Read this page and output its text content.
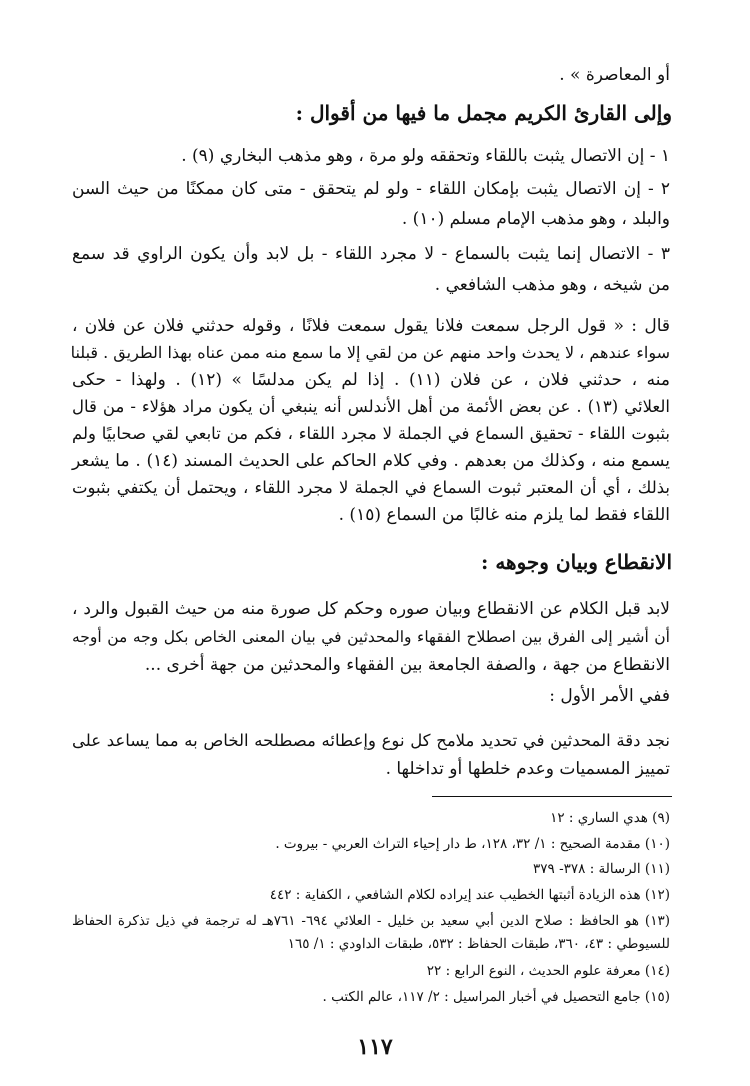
أو المعاصرة » .
وإلى القارئ الكريم مجمل ما فيها من أقوال :
١ - إن الاتصال يثبت باللقاء وتحققه ولو مرة ، وهو مذهب البخاري (٩) .
٢ - إن الاتصال يثبت بإمكان اللقاء - ولو لم يتحقق - متى كان ممكنًا من حيث السن
والبلد ، وهو مذهب الإمام مسلم (١٠) .
٣ - الاتصال إنما يثبت بالسماع - لا مجرد اللقاء - بل لابد وأن يكون الراوي قد سمع
من شيخه ، وهو مذهب الشافعي .
قال : « قول الرجل سمعت فلانا يقول سمعت فلانًا ، وقوله حدثني فلان عن فلان ،
سواء عندهم ، لا يحدث واحد منهم عن من لقي إلا ما سمع منه ممن عناه بهذا الطريق . قبلنا
منه ، حدثني فلان ، عن فلان (١١) . إذا لم يكن مدلسًا » (١٢) . ولهذا - حكى
العلائي (١٣) . عن بعض الأئمة من أهل الأندلس أنه ينبغي أن يكون مراد هؤلاء - من قال
بثبوت اللقاء - تحقيق السماع في الجملة لا مجرد اللقاء ، فكم من تابعي لقي صحابيًا ولم
يسمع منه ، وكذلك من بعدهم . وفي كلام الحاكم على الحديث المسند (١٤) . ما يشعر
بذلك ، أي أن المعتبر ثبوت السماع في الجملة لا مجرد اللقاء ، ويحتمل أن يكتفي بثبوت
اللقاء فقط لما يلزم منه غالبًا من السماع (١٥) .
الانقطاع وبيان وجوهه :
لابد قبل الكلام عن الانقطاع وبيان صوره وحكم كل صورة منه من حيث القبول والرد ،
أن أشير إلى الفرق بين اصطلاح الفقهاء والمحدثين في بيان المعنى الخاص بكل وجه من أوجه
الانقطاع من جهة ، والصفة الجامعة بين الفقهاء والمحدثين من جهة أخرى ...
ففي الأمر الأول :
نجد دقة المحدثين في تحديد ملامح كل نوع وإعطائه مصطلحه الخاص به مما يساعد على
تمييز المسميات وعدم خلطها أو تداخلها .
(٩) هدي الساري : ١٢
(١٠) مقدمة الصحيح : ١/ ٣٢، ١٢٨، ط دار إحياء التراث العربي - بيروت .
(١١) الرسالة : ٣٧٨- ٣٧٩
(١٢) هذه الزيادة أثبتها الخطيب عند إيراده لكلام الشافعي ، الكفاية : ٤٤٢
(١٣) هو الحافظ : صلاح الدين أبي سعيد بن خليل - العلائي ٦٩٤- ٧٦١هـ له ترجمة في ذيل تذكرة الحفاظ
للسيوطي : ٤٣، ٣٦٠، طبقات الحفاظ : ٥٣٢، طبقات الداودي : ١/ ١٦٥
(١٤) معرفة علوم الحديث ، النوع الرابع : ٢٢
(١٥) جامع التحصيل في أخبار المراسيل : ٢/ ١١٧، عالم الكتب .
١١٧
